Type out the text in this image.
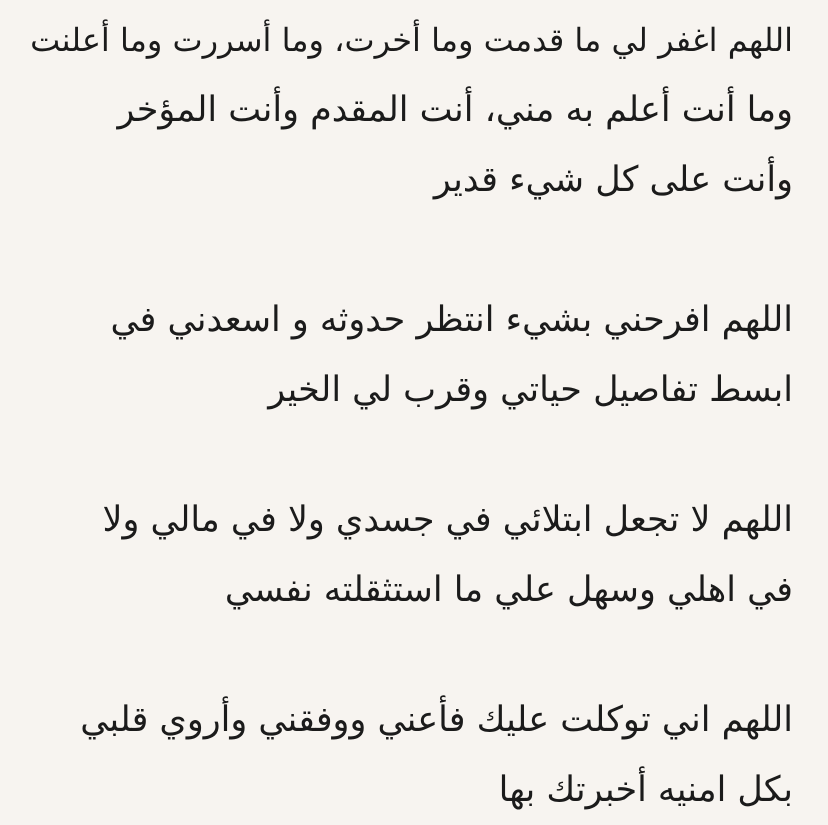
اللهم اغفر لي ما قدمت وما أخرت، وما أسررت وما أعلنت
وما أنت أعلم به مني، أنت المقدم وأنت المؤخر
وأنت على كل شيء قدير
اللهم افرحني بشيء انتظر حدوثه و اسعدني في
ابسط تفاصيل حياتي وقرب لي الخير
اللهم لا تجعل ابتلائي في جسدي ولا في مالي ولا
في اهلي وسهل علي ما استثقلته نفسي
اللهم اني توكلت عليك فأعني ووفقني وأروي قلبي
بكل امنيه أخبرتك بها
